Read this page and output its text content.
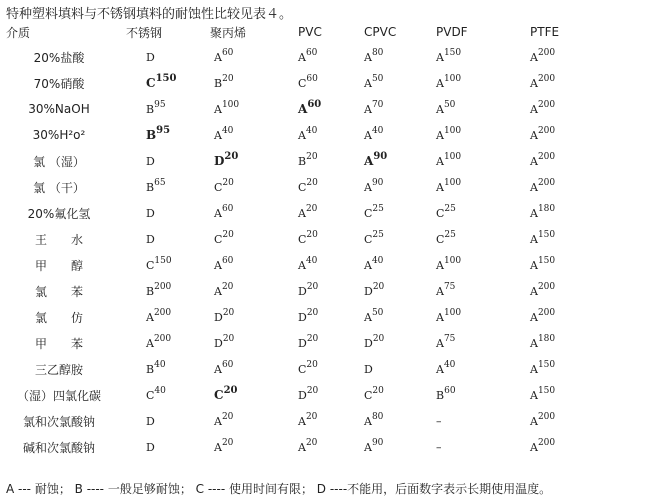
特种塑料填料与不锈钢填料的耐蚀性比较见表４。
介质	不锈钢	聚丙烯	PVC	CPVC	PVDF	PTFE
20%盐酸	D	$A^{60}$	$A^{60}$	$A^{80}$	$A^{150}$	$A^{200}$
70%硝酸	$C^{150}$	$B^{20}$	$C^{60}$	$A^{50}$	$A^{100}$	$A^{200}$
30%NaOH	$B^{95}$	$A^{100}$	$A^{60}$	$A^{70}$	$A^{50}$	$A^{200}$
30%H²o²	$B^{95}$	$A^{40}$	$A^{40}$	$A^{40}$	$A^{100}$	$A^{200}$
氯 （湿）	D	$D^{20}$	$B^{20}$	$A^{90}$	$A^{100}$	$A^{200}$
氯 （干）	$B^{65}$	$C^{20}$	$C^{20}$	$A^{90}$	$A^{100}$	$A^{200}$
20%氟化氢	D	$A^{60}$	$A^{20}$	$C^{25}$	$C^{25}$	$A^{180}$
王　　水	D	$C^{20}$	$C^{20}$	$C^{25}$	$C^{25}$	$A^{150}$
甲　　醇	$C^{150}$	$A^{60}$	$A^{40}$	$A^{40}$	$A^{100}$	$A^{150}$
氯　　苯	$B^{200}$	$A^{20}$	$D^{20}$	$D^{20}$	$A^{75}$	$A^{200}$
氯　　仿	$A^{200}$	$D^{20}$	$D^{20}$	$A^{50}$	$A^{100}$	$A^{200}$
甲　　苯	$A^{200}$	$D^{20}$	$D^{20}$	$D^{20}$	$A^{75}$	$A^{180}$
三乙醇胺	$B^{40}$	$A^{60}$	$C^{20}$	D	$A^{40}$	$A^{150}$
（湿）四氯化碳	$C^{40}$	$C^{20}$	$D^{20}$	$C^{20}$	$B^{60}$	$A^{150}$
氯和次氯酸钠	D	$A^{20}$	$A^{20}$	$A^{80}$	–	$A^{200}$
碱和次氯酸钠	D	$A^{20}$	$A^{20}$	$A^{90}$	–	$A^{200}$
A --- 耐蚀； B ---- 一般足够耐蚀； C ---- 使用时间有限； D ----不能用，后面数字表示长期使用温度。
